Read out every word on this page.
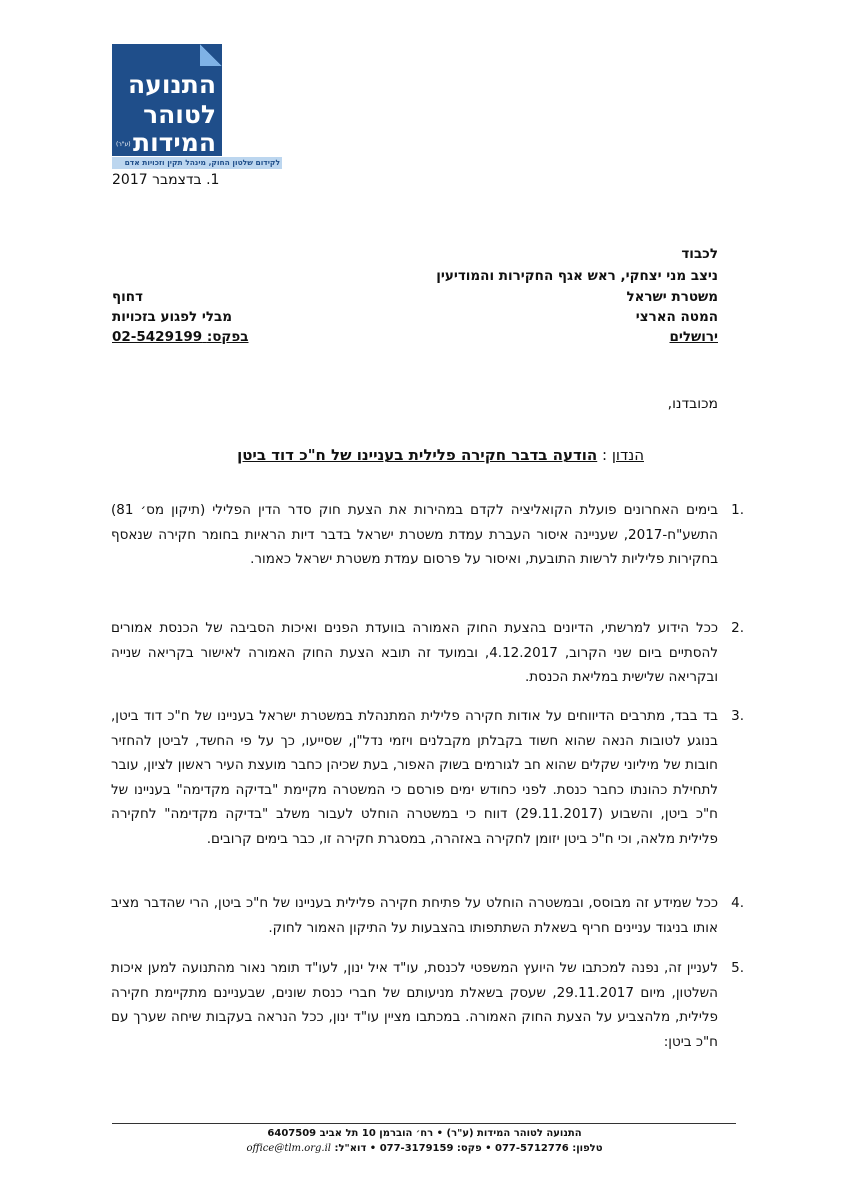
התנועה
לטוהר
המידות
(ע"ר)
לקידום שלטון החוק, מינהל תקין וזכויות אדם
1. בדצמבר 2017
לכבוד
ניצב מני יצחקי, ראש אגף החקירות והמודיעין
משטרת ישראל
המטה הארצי
ירושלים
דחוף
מבלי לפגוע בזכויות
בפקס: 02-5429199
מכובדנו,
הנדון : הודעה בדבר חקירה פלילית בעניינו של ח"כ דוד ביטן
1.
בימים האחרונים פועלת הקואליציה לקדם במהירות את הצעת חוק סדר הדין הפלילי (תיקון מס׳ 81) התשע"ח-2017, שעניינה איסור העברת עמדת משטרת ישראל בדבר דיות הראיות בחומר חקירה שנאסף בחקירות פליליות לרשות התובעת, ואיסור על פרסום עמדת משטרת ישראל כאמור.
2.
ככל הידוע למרשתי, הדיונים בהצעת החוק האמורה בוועדת הפנים ואיכות הסביבה של הכנסת אמורים להסתיים ביום שני הקרוב, 4.12.2017, ובמועד זה תובא הצעת החוק האמורה לאישור בקריאה שנייה ובקריאה שלישית במליאת הכנסת.
3.
בד בבד, מתרבים הדיווחים על אודות חקירה פלילית המתנהלת במשטרת ישראל בעניינו של ח"כ דוד ביטן, בנוגע לטובות הנאה שהוא חשוד בקבלתן מקבלנים ויזמי נדל"ן, שסייעו, כך על פי החשד, לביטן להחזיר חובות של מיליוני שקלים שהוא חב לגורמים בשוק האפור, בעת שכיהן כחבר מועצת העיר ראשון לציון, עובר לתחילת כהונתו כחבר כנסת. לפני כחודש ימים פורסם כי המשטרה מקיימת "בדיקה מקדימה" בעניינו של ח"כ ביטן, והשבוע (29.11.2017) דווח כי במשטרה הוחלט לעבור משלב "בדיקה מקדימה" לחקירה פלילית מלאה, וכי ח"כ ביטן יזומן לחקירה באזהרה, במסגרת חקירה זו, כבר בימים קרובים.
4.
ככל שמידע זה מבוסס, ובמשטרה הוחלט על פתיחת חקירה פלילית בעניינו של ח"כ ביטן, הרי שהדבר מציב אותו בניגוד עניינים חריף בשאלת השתתפותו בהצבעות על התיקון האמור לחוק.
5.
לעניין זה, נפנה למכתבו של היועץ המשפטי לכנסת, עו"ד איל ינון, לעו"ד תומר נאור מהתנועה למען איכות השלטון, מיום 29.11.2017, שעסק בשאלת מניעותם של חברי כנסת שונים, שבעניינם מתקיימת חקירה פלילית, מלהצביע על הצעת החוק האמורה. במכתבו מציין עו"ד ינון, ככל הנראה בעקבות שיחה שערך עם ח"כ ביטן:
התנועה לטוהר המידות (ע"ר) • רח׳ הוברמן 10 תל אביב 6407509
טלפון: 077-5712776 • פקס: 077-3179159 • דוא"ל: office@tlm.org.il
